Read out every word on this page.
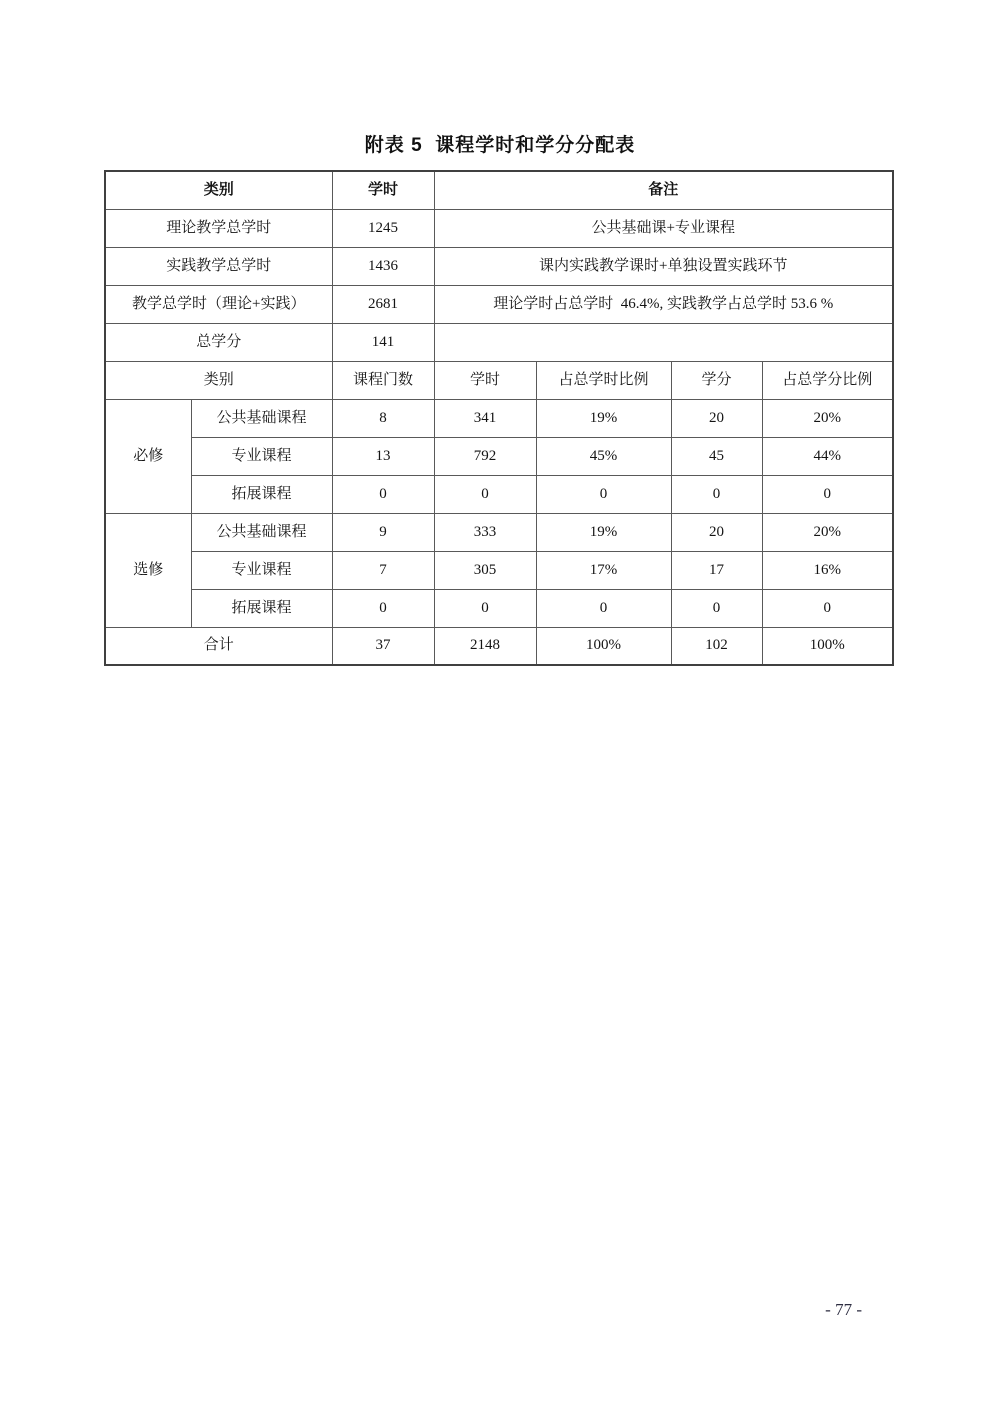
附表 5  课程学时和学分分配表
类别		学时	备注			
理论教学总学时		1245	公共基础课+专业课程			
实践教学总学时		1436	课内实践教学课时+单独设置实践环节			
教学总学时（理论+实践）		2681	理论学时占总学时  46.4%, 实践教学占总学时 53.6 %			
总学分		141				
类别		课程门数	学时	占总学时比例	学分	占总学分比例
必修	公共基础课程	8	341	19%	20	20%
	专业课程	13	792	45%	45	44%
	拓展课程	0	0	0	0	0
选修	公共基础课程	9	333	19%	20	20%
	专业课程	7	305	17%	17	16%
	拓展课程	0	0	0	0	0
合计		37	2148	100%	102	100%
- 77 -
